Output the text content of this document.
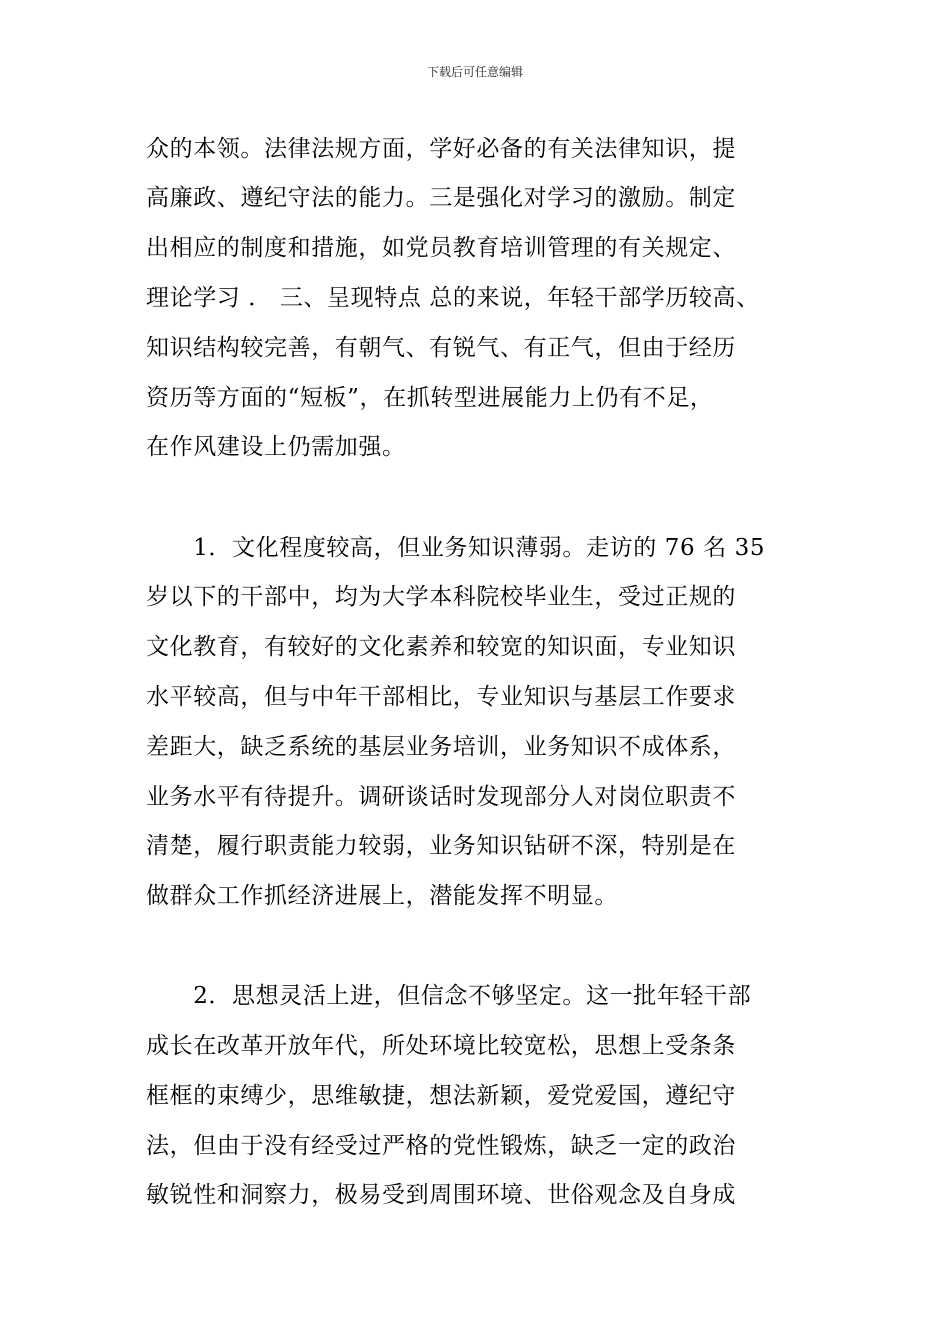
下载后可任意编辑
众的本领。法律法规方面，学好必备的有关法律知识，提
高廉政、遵纪守法的能力。三是强化对学习的激励。制定
出相应的制度和措施，如党员教育培训管理的有关规定、
理论学习 ． 三、呈现特点 总的来说，年轻干部学历较高、
知识结构较完善，有朝气、有锐气、有正气，但由于经历
资历等方面的“短板”，在抓转型进展能力上仍有不足，
在作风建设上仍需加强。
　　1．文化程度较高，但业务知识薄弱。走访的 76 名 35
岁以下的干部中，均为大学本科院校毕业生，受过正规的
文化教育，有较好的文化素养和较宽的知识面，专业知识
水平较高，但与中年干部相比，专业知识与基层工作要求
差距大，缺乏系统的基层业务培训，业务知识不成体系，
业务水平有待提升。调研谈话时发现部分人对岗位职责不
清楚，履行职责能力较弱，业务知识钻研不深，特别是在
做群众工作抓经济进展上，潜能发挥不明显。
　　2．思想灵活上进，但信念不够坚定。这一批年轻干部
成长在改革开放年代，所处环境比较宽松，思想上受条条
框框的束缚少，思维敏捷，想法新颖，爱党爱国，遵纪守
法，但由于没有经受过严格的党性锻炼，缺乏一定的政治
敏锐性和洞察力，极易受到周围环境、世俗观念及自身成
